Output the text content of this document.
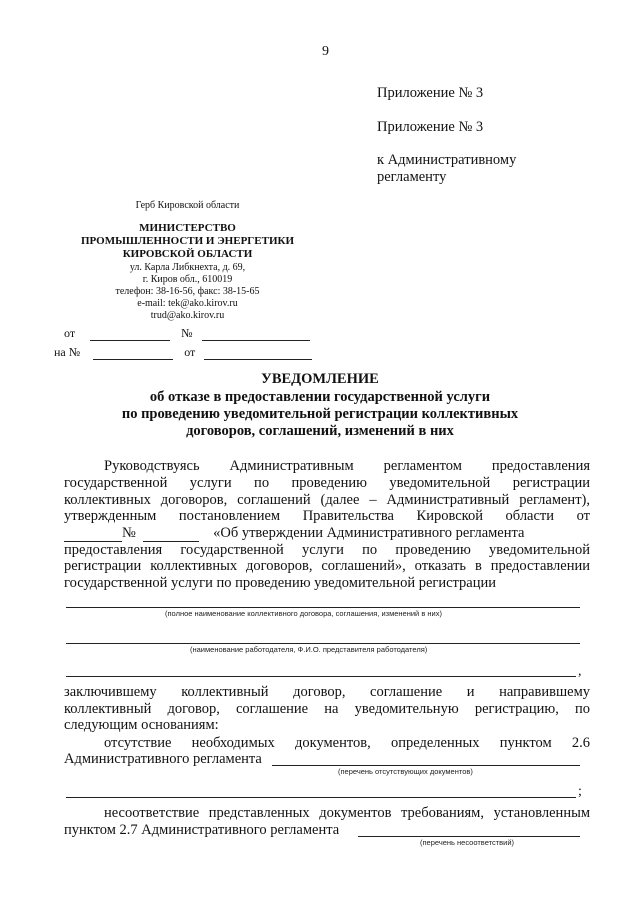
9
Приложение № 3
Приложение № 3
к Административному
регламенту
Герб Кировской области
МИНИСТЕРСТВО
ПРОМЫШЛЕННОСТИ И ЭНЕРГЕТИКИ
КИРОВСКОЙ ОБЛАСТИ
ул. Карла Либкнехта, д. 69,
г. Киров обл., 610019
телефон: 38-16-56, факс: 38-15-65
e-mail: tek@ako.kirov.ru
trud@ako.kirov.ru
от	№
на №	от
УВЕДОМЛЕНИЕ
об отказе в предоставлении государственной услуги
по проведению уведомительной регистрации коллективных
договоров, соглашений, изменений в них
Руководствуясь Административным регламентом предоставления
государственной услуги по проведению уведомительной регистрации
коллективных договоров, соглашений (далее – Административный регламент),
утвержденным постановлением Правительства Кировской области от
№	«Об утверждении Административного регламента
предоставления государственной услуги по проведению уведомительной
регистрации коллективных договоров, соглашений», отказать в предоставлении
государственной услуги по проведению уведомительной регистрации
(полное наименование коллективного договора, соглашения, изменений в них)
(наименование работодателя, Ф.И.О. представителя работодателя)
,
заключившему коллективный договор, соглашение и направившему
коллективный договор, соглашение на уведомительную регистрацию, по
следующим основаниям:
отсутствие необходимых документов, определенных пунктом 2.6
Административного регламента
(перечень отсутствующих документов)
;
несоответствие представленных документов требованиям, установленным
пунктом 2.7 Административного регламента
(перечень несоответствий)
